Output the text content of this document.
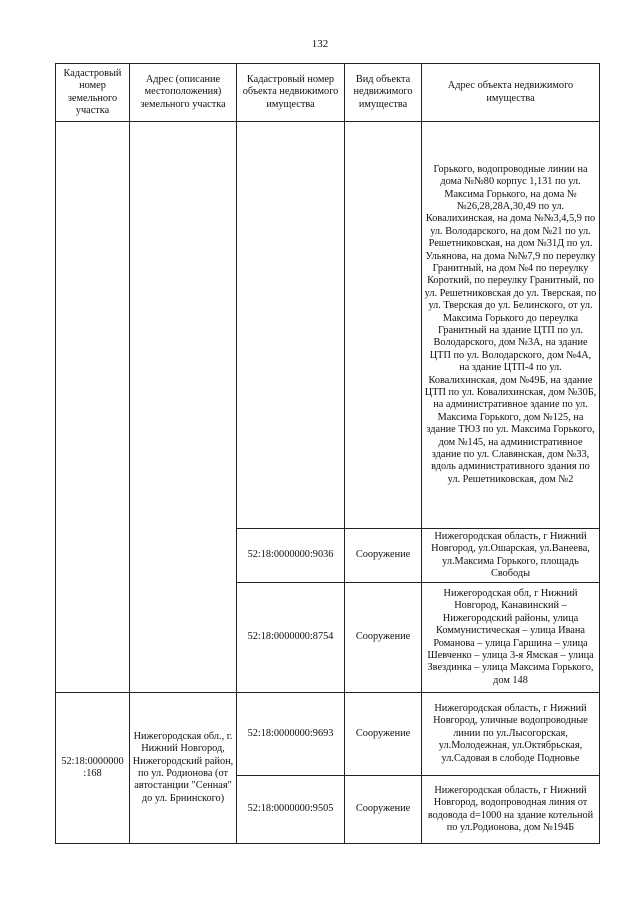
132
Кадастровый номер земельного участка	Адрес (описание местоположения) земельного участка	Кадастровый номер объекта недвижимого имущества	Вид объекта недвижимого имущества	Адрес объекта недвижимого имущества
				Горького, водопроводные линии на дома №№80 корпус 1,131 по ул. Максима Горького, на дома №№26,28,28А,30,49 по ул. Ковалихинская, на дома №№3,4,5,9 по ул. Володарского, на дом №21 по ул. Решетниковская, на дом №31Д по ул. Ульянова, на дома №№7,9 по переулку Гранитный, на дом №4 по переулку Короткий, по переулку Гранитный, по ул. Решетниковская до ул. Тверская, по ул. Тверская до ул. Белинского, от ул. Максима Горького до переулка Гранитный на здание ЦТП по ул. Володарского, дом №3А, на здание ЦТП по ул. Володарского, дом №4А, на здание ЦТП-4 по ул. Ковалихинская, дом №49Б, на здание ЦТП по ул. Ковалихинская, дом №30Б, на административное здание по ул. Максима Горького, дом №125, на здание ТЮЗ по ул. Максима Горького, дом №145, на административное здание по ул. Славянская, дом №33, вдоль административного здания по ул. Решетниковская, дом №2
		52:18:0000000:9036	Сооружение	Нижегородская область, г Нижний Новгород, ул.Ошарская, ул.Ванеева, ул.Максима Горького, площадь Свободы
		52:18:0000000:8754	Сооружение	Нижегородская обл, г Нижний Новгород, Канавинский – Нижегородский районы, улица Коммунистическая – улица Ивана Романова – улица Гаршина – улица Шевченко – улица 3-я Ямская – улица Звездинка – улица Максима Горького, дом 148
52:18:0000000 :168	Нижегородская обл., г. Нижний Новгород, Нижегородский район, по ул. Родионова (от автостанции "Сенная" до ул. Брнинского)	52:18:0000000:9693	Сооружение	Нижегородская область, г Нижний Новгород, уличные водопроводные линии по ул.Лысогорская, ул.Молодежная, ул.Октябрьская, ул.Садовая в слободе Подновье
		52:18:0000000:9505	Сооружение	Нижегородская область, г Нижний Новгород, водопроводная линия от водовода d=1000 на здание котельной по ул.Родионова, дом №194Б
